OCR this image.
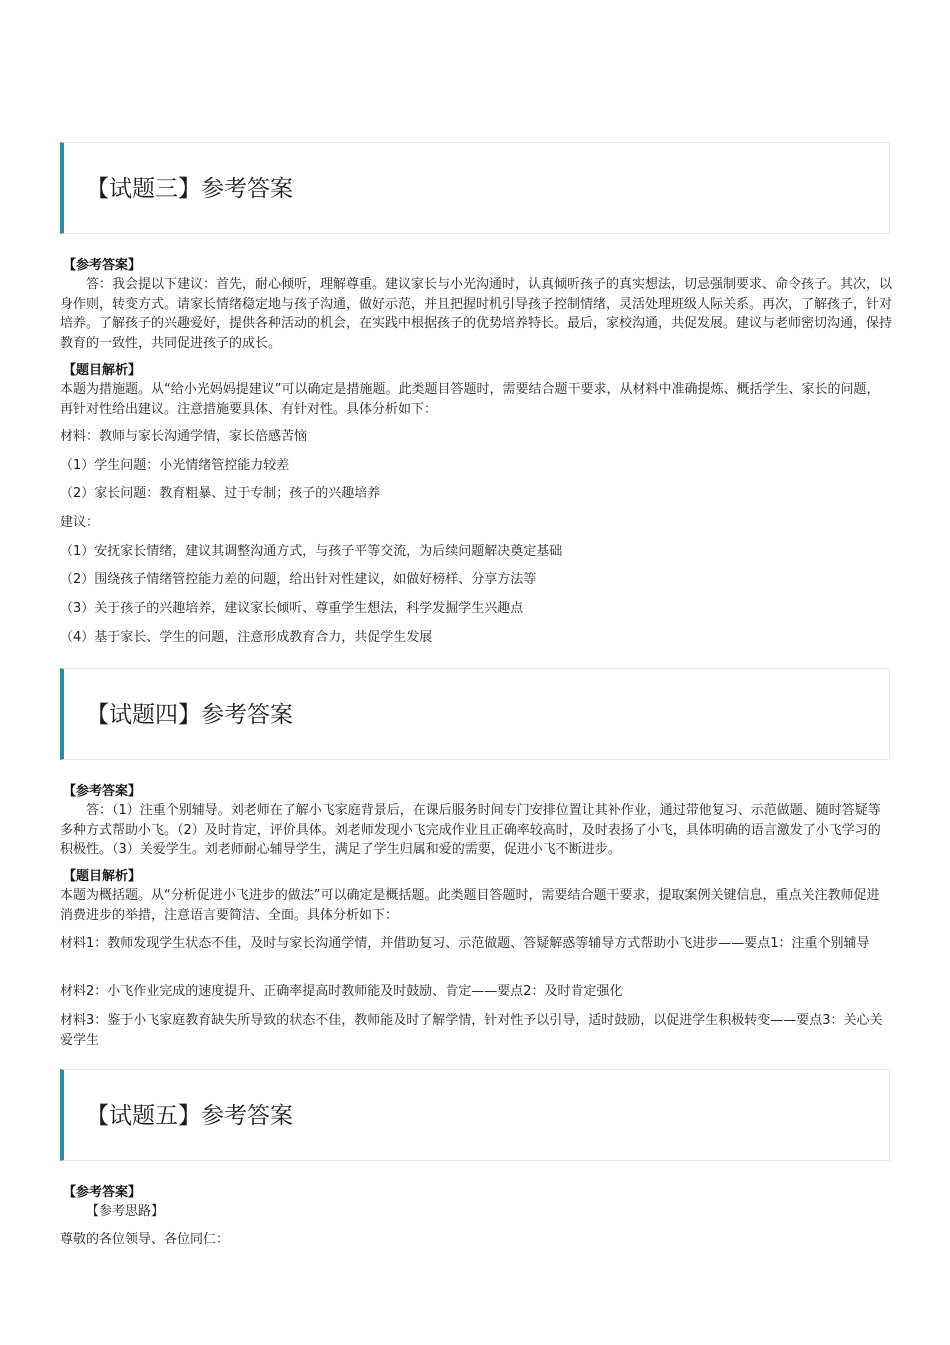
【试题三】参考答案
【参考答案】

答：我会提以下建议：首先，耐心倾听，理解尊重。建议家长与小光沟通时，认真倾听孩子的真实想法，切忌强制要求、命令孩子。其次，以身作则，转变方式。请家长情绪稳定地与孩子沟通，做好示范，并且把握时机引导孩子控制情绪，灵活处理班级人际关系。再次，了解孩子，针对培养。了解孩子的兴趣爱好，提供各种活动的机会，在实践中根据孩子的优势培养特长。最后，家校沟通，共促发展。建议与老师密切沟通，保持教育的一致性，共同促进孩子的成长。

【题目解析】

本题为措施题。从“给小光妈妈提建议”可以确定是措施题。此类题目答题时，需要结合题干要求，从材料中准确提炼、概括学生、家长的问题，再针对性给出建议。注意措施要具体、有针对性。具体分析如下：

材料：教师与家长沟通学情，家长倍感苦恼
（1）学生问题：小光情绪管控能力较差
（2）家长问题：教育粗暴、过于专制；孩子的兴趣培养
建议：
（1）安抚家长情绪，建议其调整沟通方式，与孩子平等交流，为后续问题解决奠定基础
（2）围绕孩子情绪管控能力差的问题，给出针对性建议，如做好榜样、分享方法等
（3）关于孩子的兴趣培养，建议家长倾听、尊重学生想法，科学发掘学生兴趣点
（4）基于家长、学生的问题，注意形成教育合力，共促学生发展
【试题四】参考答案
【参考答案】

答：（1）注重个别辅导。刘老师在了解小飞家庭背景后，在课后服务时间专门安排位置让其补作业，通过带他复习、示范做题、随时答疑等多种方式帮助小飞。（2）及时肯定，评价具体。刘老师发现小飞完成作业且正确率较高时，及时表扬了小飞，具体明确的语言激发了小飞学习的积极性。（3）关爱学生。刘老师耐心辅导学生，满足了学生归属和爱的需要，促进小飞不断进步。

【题目解析】

本题为概括题。从“分析促进小飞进步的做法”可以确定是概括题。此类题目答题时，需要结合题干要求，提取案例关键信息，重点关注教师促进消费进步的举措，注意语言要简洁、全面。具体分析如下：

材料1：教师发现学生状态不佳，及时与家长沟通学情，并借助复习、示范做题、答疑解惑等辅导方式帮助小飞进步——要点1：注重个别辅导
材料2：小飞作业完成的速度提升、正确率提高时教师能及时鼓励、肯定——要点2：及时肯定强化
材料3：鉴于小飞家庭教育缺失所导致的状态不佳，教师能及时了解学情，针对性予以引导，适时鼓励，以促进学生积极转变——要点3：关心关爱学生
【试题五】参考答案
【参考答案】
【参考思路】
尊敬的各位领导、各位同仁：
